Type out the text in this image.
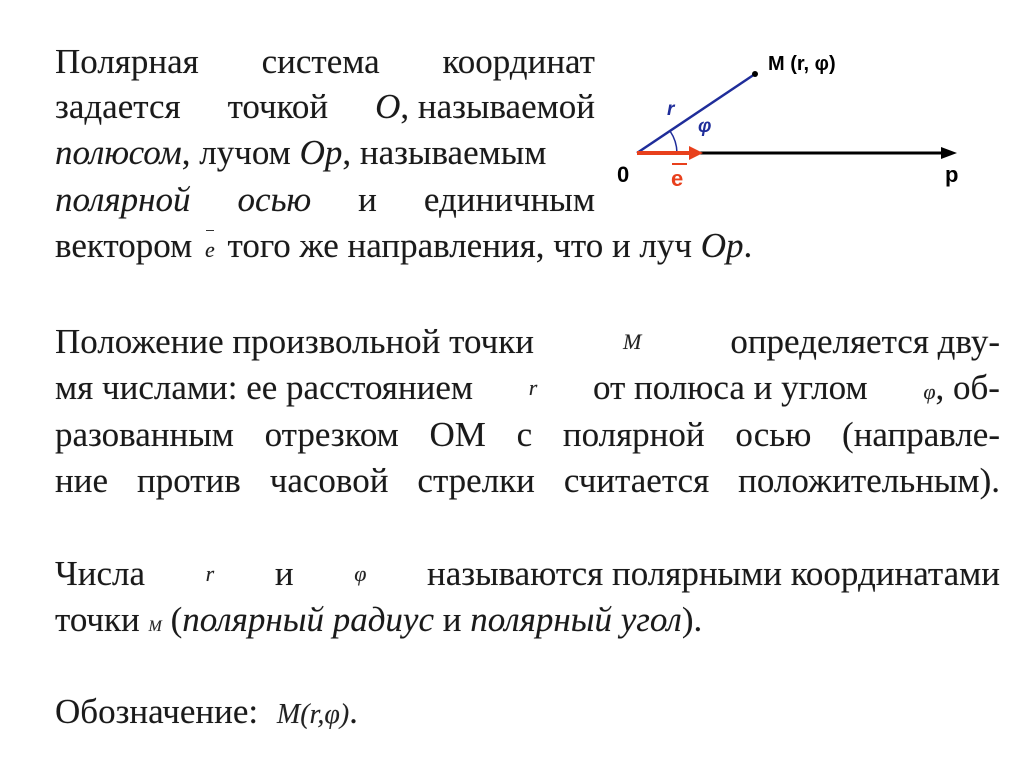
Полярная система координат
задается точкой O, называемой
полюсом, лучом Op, называемым
полярной осью и единичным
вектором e того же направления, что и луч Op.
M (r, φ)
r
φ
0 e	p
Положение произвольной точки	M	определяется дву-
мя числами: ее расстоянием	r от полюса и углом	φ, об-
разованным отрезком ОМ с полярной осью (направле-
ние против часовой стрелки считается положительным).
Числа	r и	φ называются полярными координатами
точки M (полярный радиус и полярный угол).
Обозначение: M(r,φ).
